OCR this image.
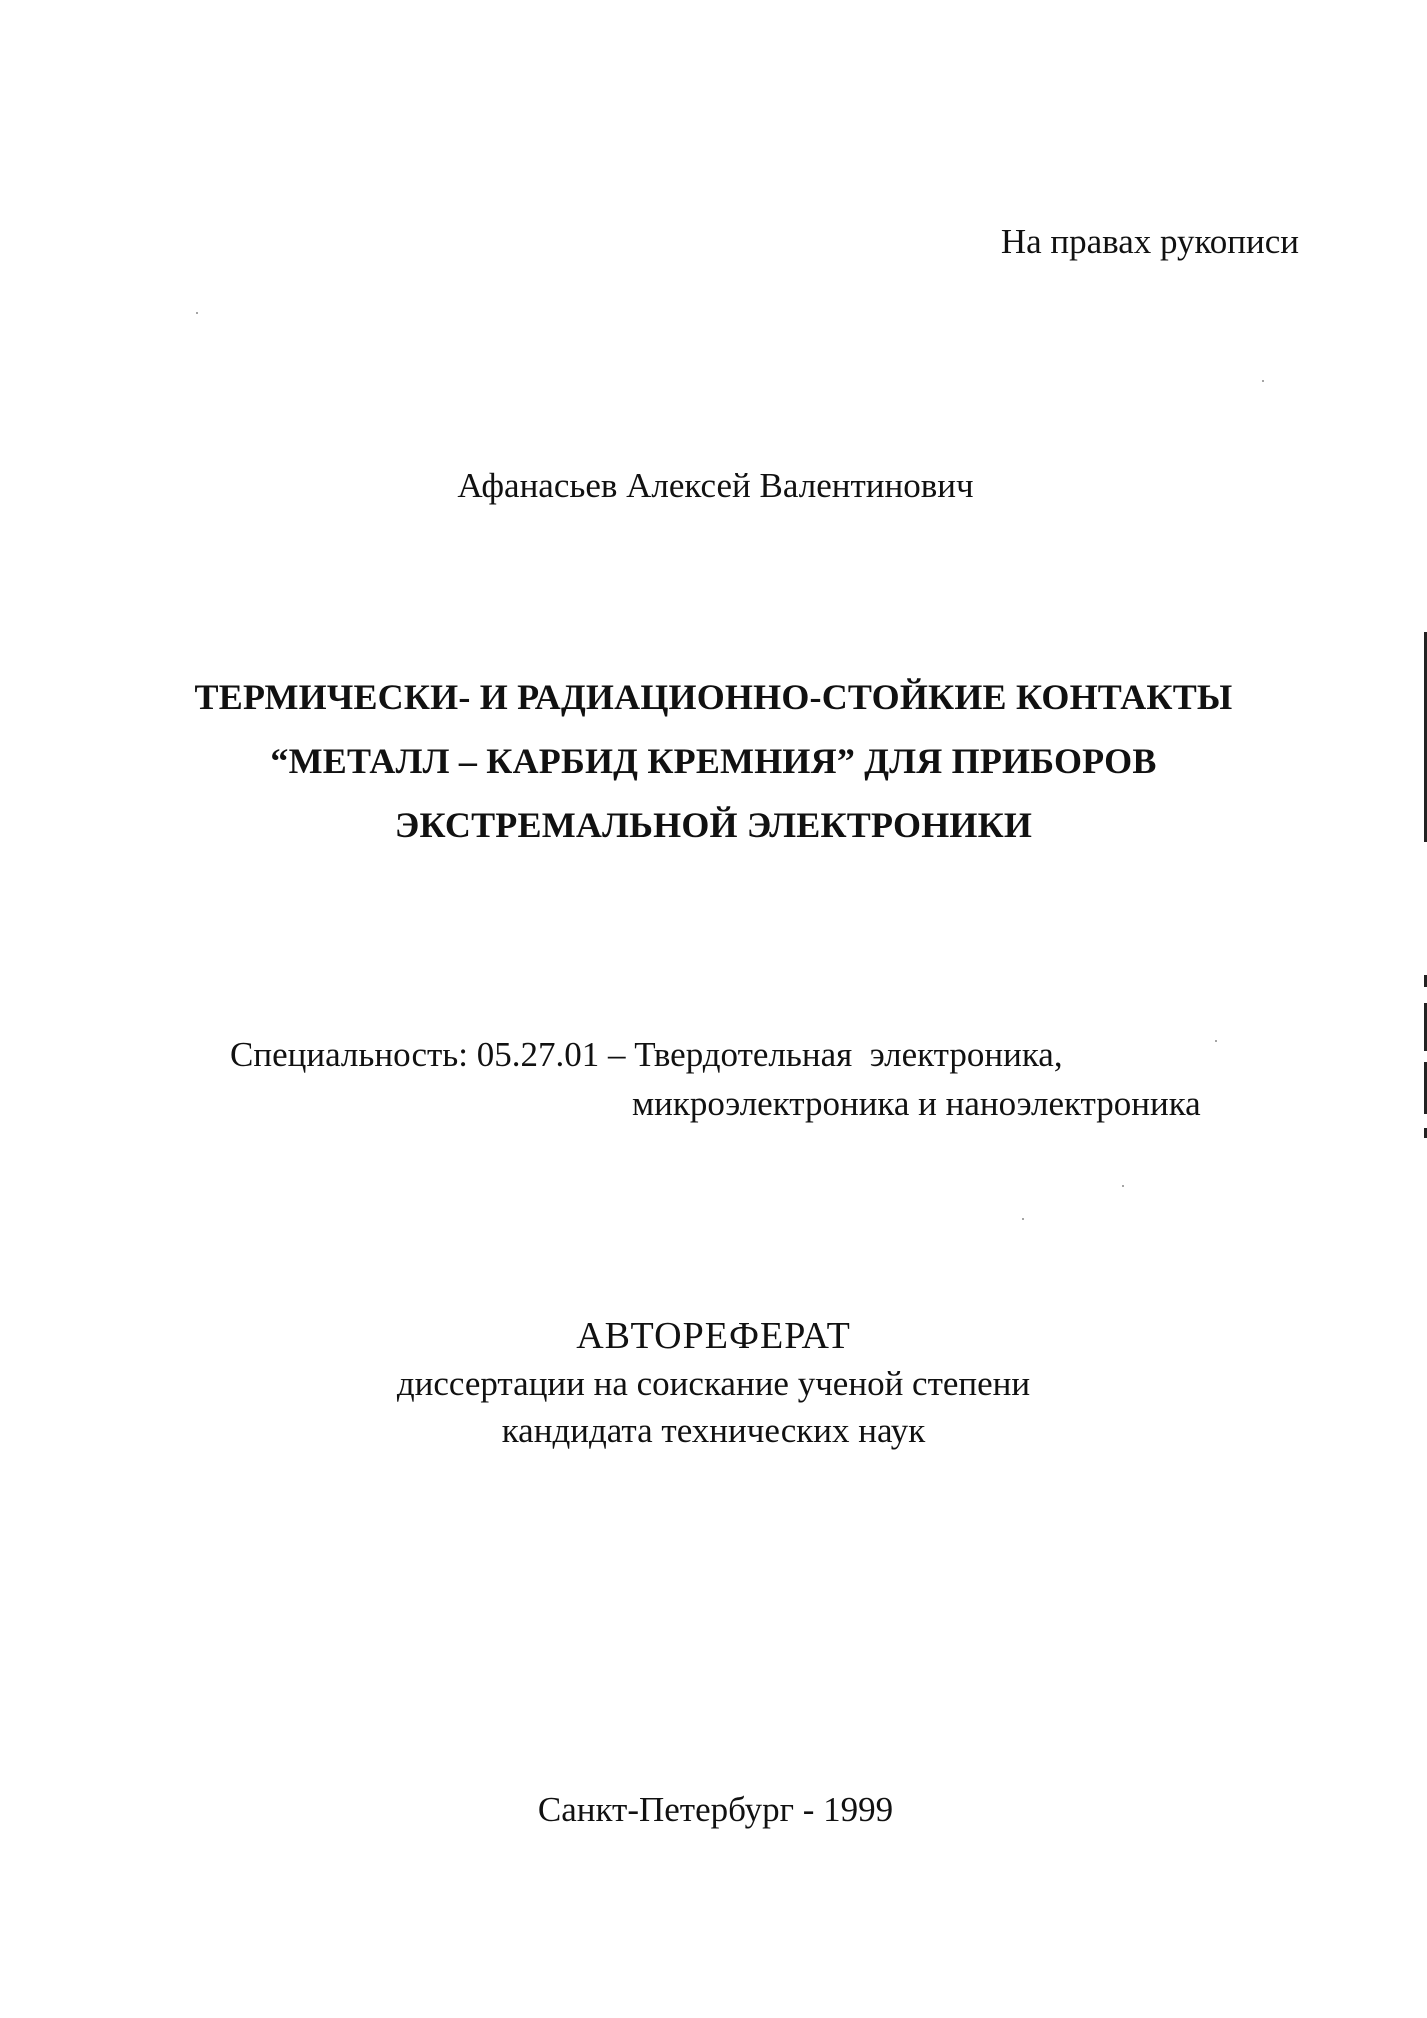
На правах рукописи
Афанасьев Алексей Валентинович
ТЕРМИЧЕСКИ- И РАДИАЦИОННО-СТОЙКИЕ КОНТАКТЫ
“МЕТАЛЛ – КАРБИД КРЕМНИЯ” ДЛЯ ПРИБОРОВ
ЭКСТРЕМАЛЬНОЙ ЭЛЕКТРОНИКИ
Специальность: 05.27.01 – Твердотельная  электроника,
микроэлектроника и наноэлектроника
АВТОРЕФЕРАТ
диссертации на соискание ученой степени
кандидата технических наук
Санкт-Петербург - 1999
